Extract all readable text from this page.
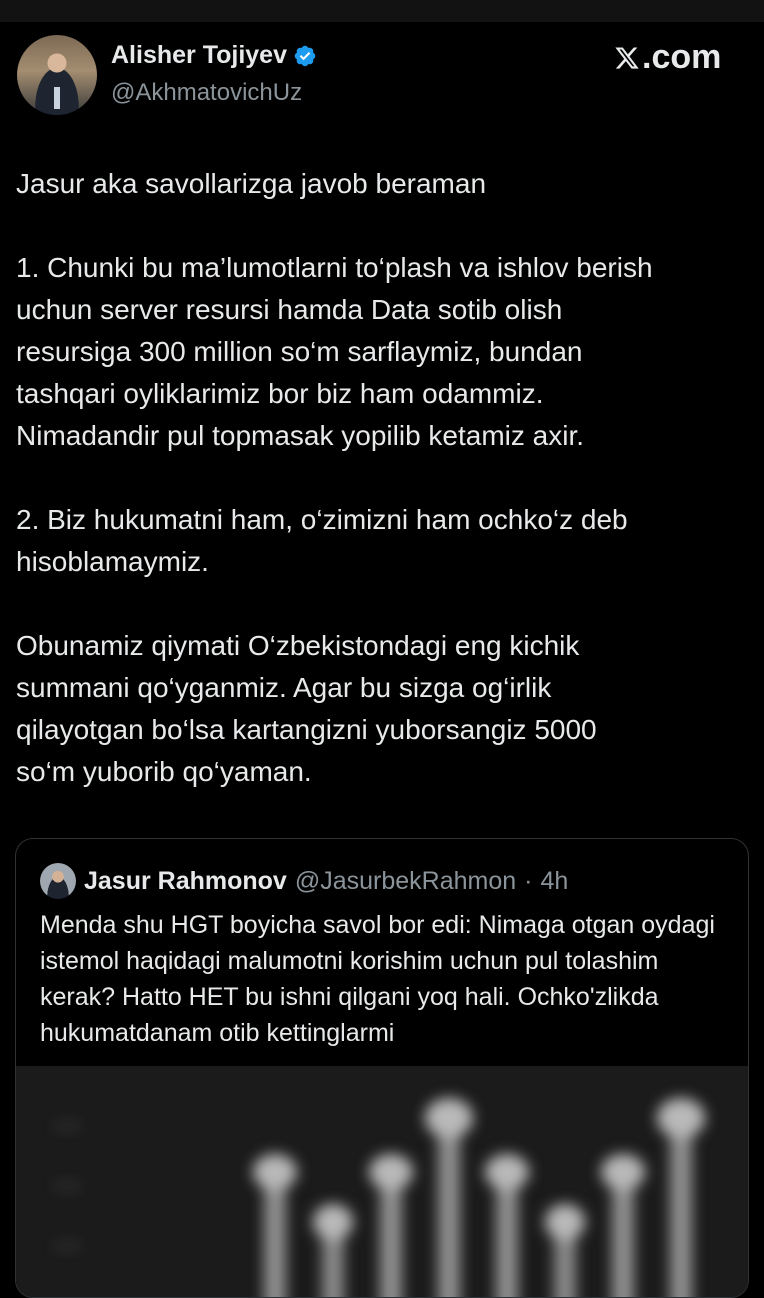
Alisher Tojiyev
@AkhmatovichUz
.com

Jasur aka savollarizga javob beraman

1. Chunki bu ma’lumotlarni to‘plash va ishlov berish
uchun server resursi hamda Data sotib olish
resursiga 300 million so‘m sarflaymiz, bundan
tashqari oyliklarimiz bor biz ham odammiz.
Nimadandir pul topmasak yopilib ketamiz axir.

2. Biz hukumatni ham, o‘zimizni ham ochko‘z deb
hisoblamaymiz.

Obunamiz qiymati O‘zbekistondagi eng kichik
summani qo‘yganmiz. Agar bu sizga og‘irlik
qilayotgan bo‘lsa kartangizni yuborsangiz 5000
so‘m yuborib qo‘yaman.

Jasur Rahmonov @JasurbekRahmon · 4h

Menda shu HGT boyicha savol bor edi: Nimaga otgan oydagi istemol haqidagi malumotni korishim uchun pul tolashim kerak? Hatto HET bu ishni qilgani yoq hali. Ochko'zlikda hukumatdanam otib kettinglarmi
